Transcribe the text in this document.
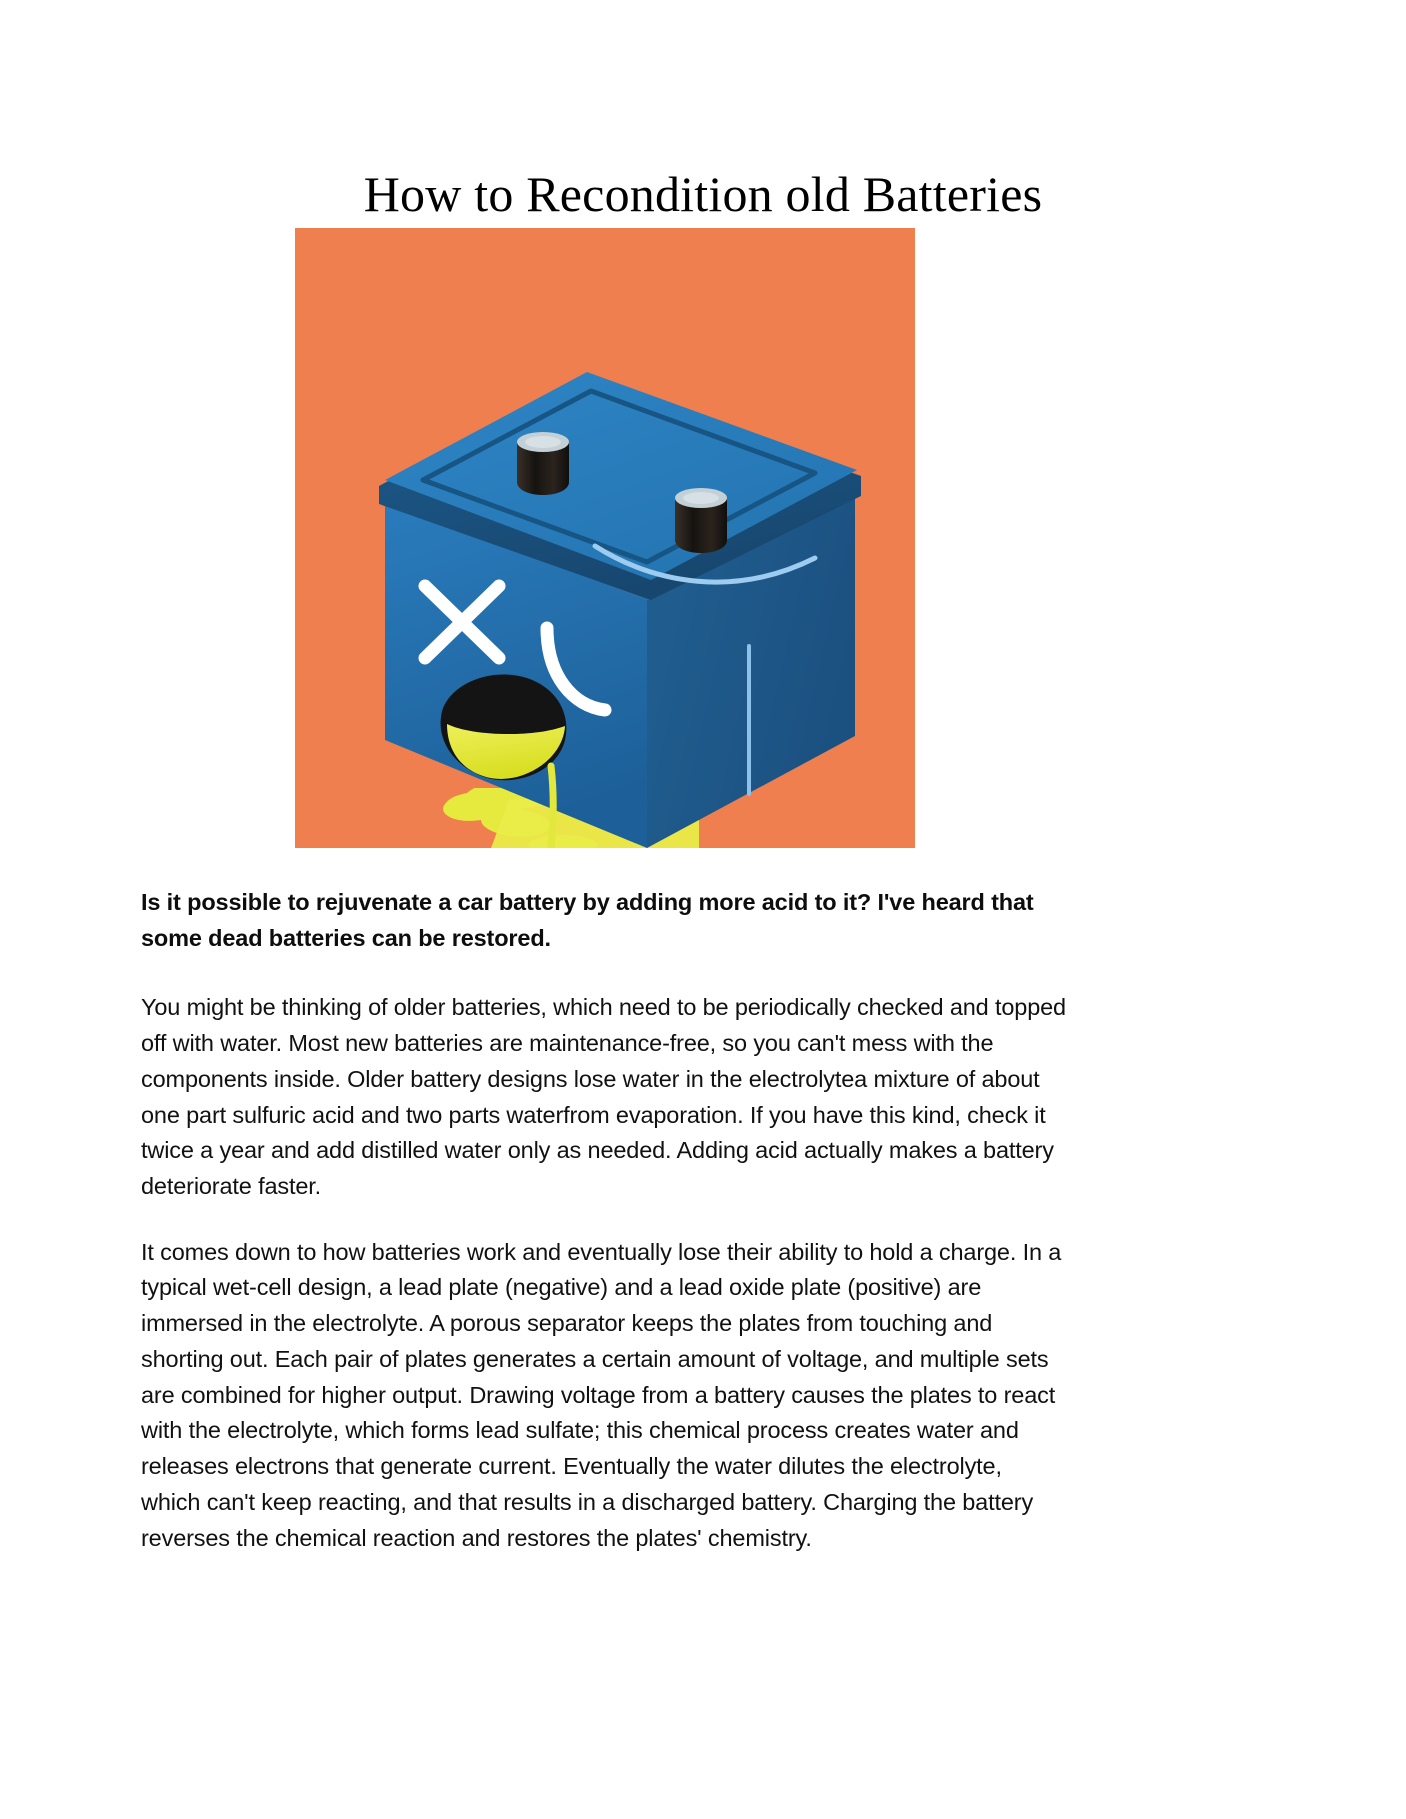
How to Recondition old Batteries

Is it possible to rejuvenate a car battery by adding more acid to it? I've heard that some dead batteries can be restored.

You might be thinking of older batteries, which need to be periodically checked and topped off with water. Most new batteries are maintenance-free, so you can't mess with the components inside. Older battery designs lose water in the electrolytea mixture of about one part sulfuric acid and two parts waterfrom evaporation. If you have this kind, check it twice a year and add distilled water only as needed. Adding acid actually makes a battery deteriorate faster.

It comes down to how batteries work and eventually lose their ability to hold a charge. In a typical wet-cell design, a lead plate (negative) and a lead oxide plate (positive) are immersed in the electrolyte. A porous separator keeps the plates from touching and shorting out. Each pair of plates generates a certain amount of voltage, and multiple sets are combined for higher output. Drawing voltage from a battery causes the plates to react with the electrolyte, which forms lead sulfate; this chemical process creates water and releases electrons that generate current. Eventually the water dilutes the electrolyte, which can't keep reacting, and that results in a discharged battery. Charging the battery reverses the chemical reaction and restores the plates' chemistry.
